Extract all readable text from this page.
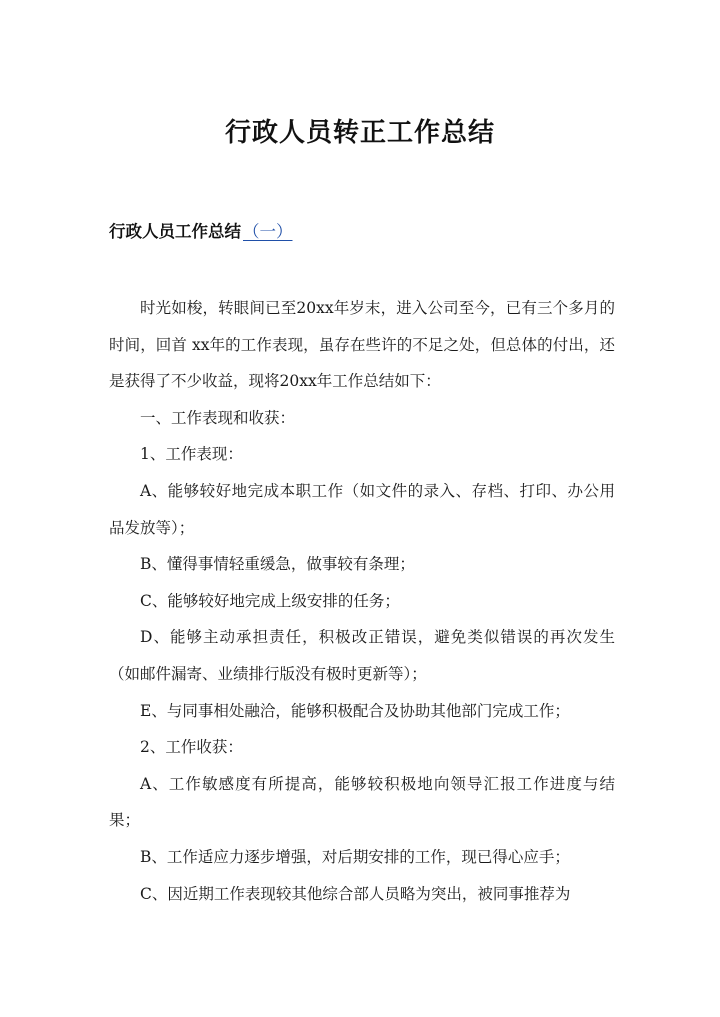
行政人员转正工作总结
行政人员工作总结 （一）

时光如梭，转眼间已至20xx年岁末，进入公司至今，已有三个多月的时间，回首 xx年的工作表现，虽存在些许的不足之处，但总体的付出，还是获得了不少收益，现将20xx年工作总结如下：

一、工作表现和收获：

1、工作表现：

A、能够较好地完成本职工作（如文件的录入、存档、打印、办公用品发放等）；

B、懂得事情轻重缓急，做事较有条理；

C、能够较好地完成上级安排的任务；

D、能够主动承担责任，积极改正错误，避免类似错误的再次发生（如邮件漏寄、业绩排行版没有极时更新等）；

E、与同事相处融洽，能够积极配合及协助其他部门完成工作；

2、工作收获：

A、工作敏感度有所提高，能够较积极地向领导汇报工作进度与结果；

B、工作适应力逐步增强，对后期安排的工作，现已得心应手；

C、因近期工作表现较其他综合部人员略为突出，被同事推荐为
